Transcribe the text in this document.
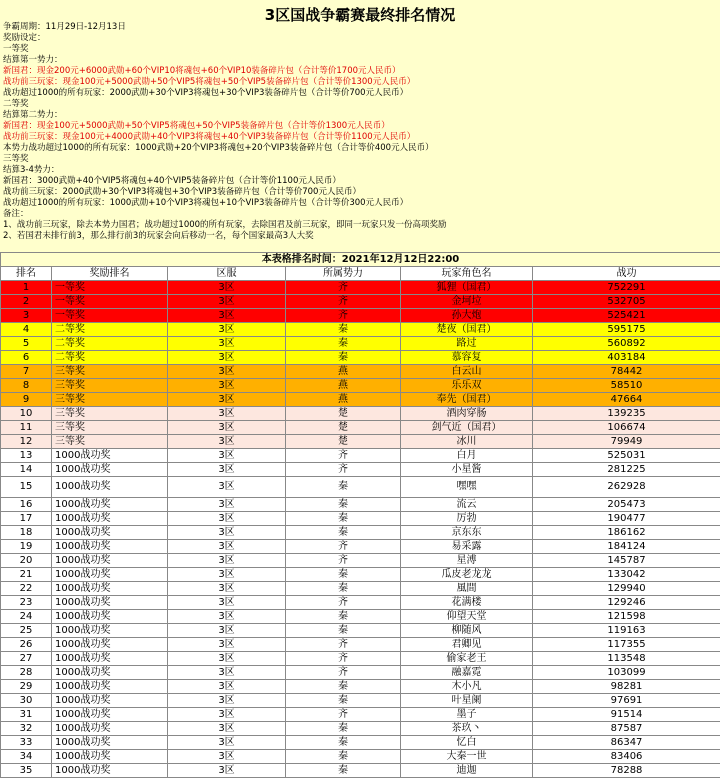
3区国战争霸赛最终排名情况
争霸周期：11月29日-12月13日
奖励设定：
一等奖
结算第一势力：
新国君：现金200元+6000武勋+60个VIP10将魂包+60个VIP10装备碎片包（合计等价1700元人民币）
战功前三玩家：现金100元+5000武勋+50个VIP5将魂包+50个VIP5装备碎片包（合计等价1300元人民币）
战功超过1000的所有玩家：2000武勋+30个VIP3将魂包+30个VIP3装备碎片包（合计等价700元人民币）
二等奖
结算第二势力：
新国君：现金100元+5000武勋+50个VIP5将魂包+50个VIP5装备碎片包（合计等价1300元人民币）
战功前三玩家：现金100元+4000武勋+40个VIP3将魂包+40个VIP3装备碎片包（合计等价1100元人民币）
本势力战功超过1000的所有玩家：1000武勋+20个VIP3将魂包+20个VIP3装备碎片包（合计等价400元人民币）
三等奖
结算3-4势力：
新国君：3000武勋+40个VIP5将魂包+40个VIP5装备碎片包（合计等价1100元人民币）
战功前三玩家：2000武勋+30个VIP3将魂包+30个VIP3装备碎片包（合计等价700元人民币）
战功超过1000的所有玩家：1000武勋+10个VIP3将魂包+10个VIP3装备碎片包（合计等价300元人民币）
备注：
1、战功前三玩家，除去本势力国君；战功超过1000的所有玩家，去除国君及前三玩家，即同一玩家只发一份高项奖励
2、若国君未排行前3，那么排行前3的玩家会向后移动一名，每个国家最高3人大奖
本表格排名时间：2021年12月12日22:00					
排名	奖励排名	区服	所属势力	玩家角色名	战功
1	一等奖	3区	齐	狐狸（国君）	752291
2	一等奖	3区	齐	金坷垃	532705
3	一等奖	3区	齐	孙大炮	525421
4	二等奖	3区	秦	楚夜（国君）	595175
5	二等奖	3区	秦	路过	560892
6	二等奖	3区	秦	慕容复	403184
7	三等奖	3区	燕	白云山	78442
8	三等奖	3区	燕	乐乐双	58510
9	三等奖	3区	燕	奉先（国君）	47664
10	三等奖	3区	楚	酒肉穿肠	139235
11	三等奖	3区	楚	剑气近（国君）	106674
12	三等奖	3区	楚	冰川	79949
13	1000战功奖	3区	齐	白月	525031
14	1000战功奖	3区	齐	小星酱	281225
15	1000战功奖	3区	秦	嘿嘿	262928
16	1000战功奖	3区	秦	流云	205473
17	1000战功奖	3区	秦	厉勃	190477
18	1000战功奖	3区	秦	京东东	186162
19	1000战功奖	3区	齐	易采露	184124
20	1000战功奖	3区	齐	星溥	145787
21	1000战功奖	3区	秦	瓜皮老龙龙	133042
22	1000战功奖	3区	秦	風間	129940
23	1000战功奖	3区	齐	花满楼	129246
24	1000战功奖	3区	秦	仰望天堂	121598
25	1000战功奖	3区	秦	柳随风	119163
26	1000战功奖	3区	齐	君卿见	117355
27	1000战功奖	3区	齐	偷家老王	113548
28	1000战功奖	3区	齐	融嘉霓	103099
29	1000战功奖	3区	秦	木小凡	98281
30	1000战功奖	3区	秦	叶星阑	97691
31	1000战功奖	3区	齐	墨子	91514
32	1000战功奖	3区	秦	茶玖丶	87587
33	1000战功奖	3区	秦	忆白	86347
34	1000战功奖	3区	秦	大秦一世	83406
35	1000战功奖	3区	秦	迪迦	78288
